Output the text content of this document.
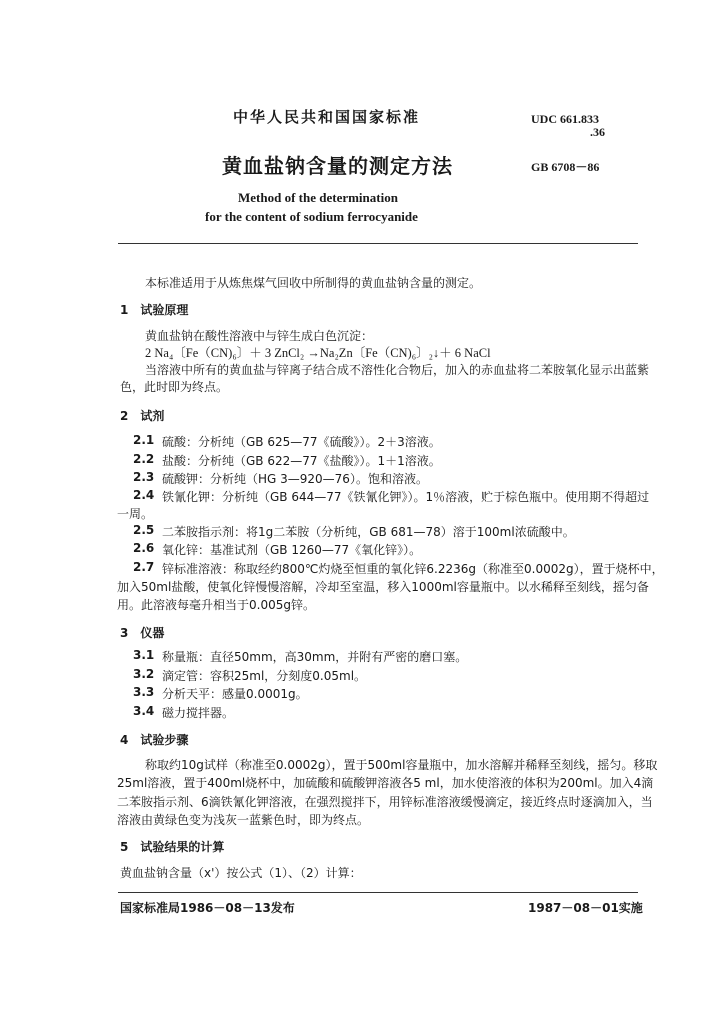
中华人民共和国国家标准	UDC 661.833
.36
黄血盐钠含量的测定方法	GB 6708－86
Method of the determination
for the content of sodium ferrocyanide
本标准适用于从炼焦煤气回收中所制得的黄血盐钠含量的测定。
1　试验原理
黄血盐钠在酸性溶液中与锌生成白色沉淀：
2 Na₄〔Fe（CN)₆〕＋ 3 ZnCl₂ →Na₂Zn〔Fe（CN)₆〕₂↓＋ 6 NaCl
当溶液中所有的黄血盐与锌离子结合成不溶性化合物后，加入的赤血盐将二苯胺氧化显示出蓝紫
色，此时即为终点。
2　试剂
2.1 硫酸：分析纯（GB 625—77《硫酸》）。2＋3溶液。
2.2 盐酸：分析纯（GB 622—77《盐酸》）。1＋1溶液。
2.3 硫酸钾：分析纯（HG 3—920—76）。饱和溶液。
2.4 铁氰化钾：分析纯（GB 644—77《铁氰化钾》）。1％溶液，贮于棕色瓶中。使用期不得超过
一周。
2.5 二苯胺指示剂：将1g二苯胺（分析纯，GB 681—78）溶于100ml浓硫酸中。
2.6 氧化锌：基准试剂（GB 1260—77《氧化锌》）。
2.7 锌标准溶液：称取经约800℃灼烧至恒重的氧化锌6.2236g（称准至0.0002g），置于烧杯中，
加入50ml盐酸，使氧化锌慢慢溶解，冷却至室温，移入1000ml容量瓶中。以水稀释至刻线，摇匀备
用。此溶液每毫升相当于0.005g锌。
3　仪器
3.1 称量瓶：直径50mm，高30mm，并附有严密的磨口塞。
3.2 滴定管：容积25ml，分刻度0.05ml。
3.3 分析天平：感量0.0001g。
3.4 磁力搅拌器。
4　试验步骤
称取约10g试样（称准至0.0002g），置于500ml容量瓶中，加水溶解并稀释至刻线，摇匀。移取
25ml溶液，置于400ml烧杯中，加硫酸和硫酸钾溶液各5 ml，加水使溶液的体积为200ml。加入4滴
二苯胺指示剂、6滴铁氰化钾溶液，在强烈搅拌下，用锌标准溶液缓慢滴定，接近终点时逐滴加入，当
溶液由黄绿色变为浅灰一蓝紫色时，即为终点。
5　试验结果的计算
黄血盐钠含量（x'）按公式（1）、（2）计算：
国家标准局1986－08－13发布	1987－08－01实施
